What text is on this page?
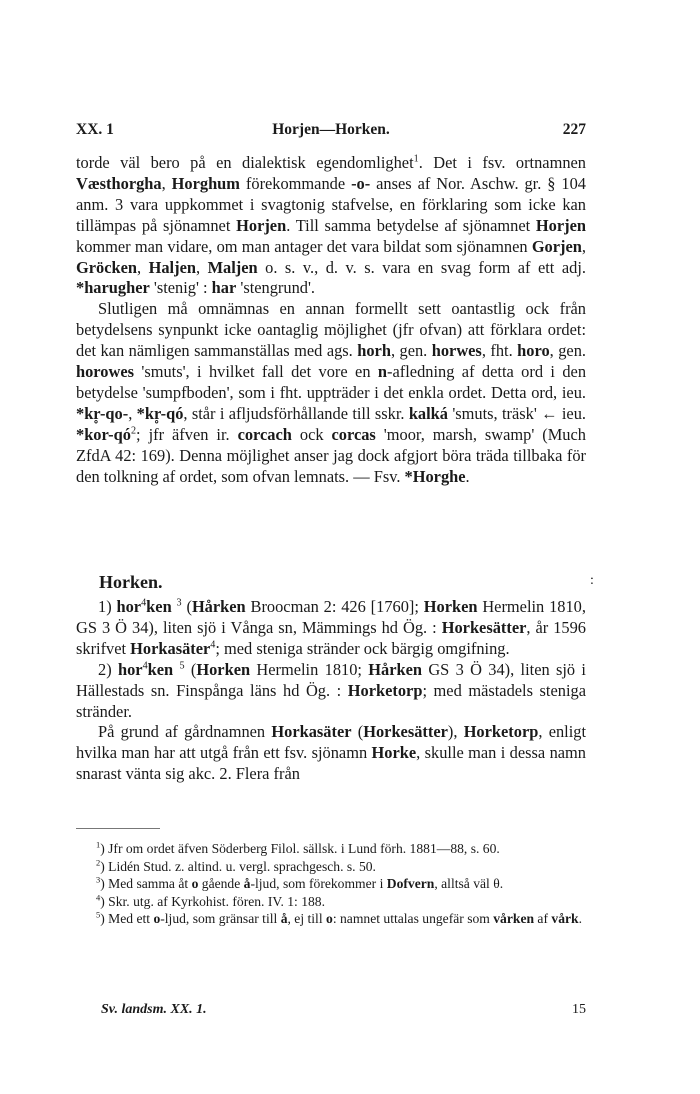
XX. 1	Horjen—Horken.	227

torde väl bero på en dialektisk egendomlighet$^1$. Det i fsv. ortnamnen Væsthorgha, Horghum förekommande -o- anses af Nor. Aschw. gr. § 104 anm. 3 vara uppkommet i svagtonig stafvelse, en förklaring som icke kan tillämpas på sjönamnet Horjen. Till samma betydelse af sjönamnet Horjen kommer man vidare, om man antager det vara bildat som sjönamnen Gorjen, Gröcken, Haljen, Maljen o. s. v., d. v. s. vara en svag form af ett adj. *harugher 'stenig' : har 'stengrund'.

Slutligen må omnämnas en annan formellt sett oantastlig ock från betydelsens synpunkt icke oantaglig möjlighet (jfr ofvan) att förklara ordet: det kan nämligen sammanställas med ags. horh, gen. horwes, fht. horo, gen. horowes 'smuts', i hvilket fall det vore en n-afledning af detta ord i den betydelse 'sumpfboden', som i fht. uppträder i det enkla ordet. Detta ord, ieu. *kr̥-qo-, *kr̥-qó, står i afljudsförhållande till sskr. kalká 'smuts, träsk' ← ieu. $*kor-qó^2$; jfr äfven ir. corcach ock corcas 'moor, marsh, swamp' (Much ZfdA 42: 169). Denna möjlighet anser jag dock afgjort böra träda tillbaka för den tolkning af ordet, som ofvan lemnats. — Fsv. *Horghe.

Horken.	:

1) hor$^4$ken $^3$ (Hårken Broocman 2: 426 [1760]; Horken Hermelin 1810, GS 3 Ö 34), liten sjö i Vånga sn, Mämmings hd Ög. : Horkesätter, år 1596 skrifvet Horkasäter$^4$; med steniga stränder ock bärgig omgifning.

2) hor$^4$ken $^5$ (Horken Hermelin 1810; Hårken GS 3 Ö 34), liten sjö i Hällestads sn. Finspånga läns hd Ög. : Horketorp; med mästadels steniga stränder.

På grund af gårdnamnen Horkasäter (Horkesätter), Horketorp, enligt hvilka man har att utgå från ett fsv. sjönamn Horke, skulle man i dessa namn snarast vänta sig akc. 2. Flera från

$^1$) Jfr om ordet äfven Söderberg Filol. sällsk. i Lund förh. 1881—88, s. 60.

$^2$) Lidén Stud. z. altind. u. vergl. sprachgesch. s. 50.

$^3$) Med samma åt o gående å-ljud, som förekommer i Dofvern, alltså väl θ.

$^4$) Skr. utg. af Kyrkohist. fören. IV. 1: 188.

$^5$) Med ett o-ljud, som gränsar till å, ej till o: namnet uttalas ungefär som vårken af vårk.

Sv. landsm. XX. 1.	15
